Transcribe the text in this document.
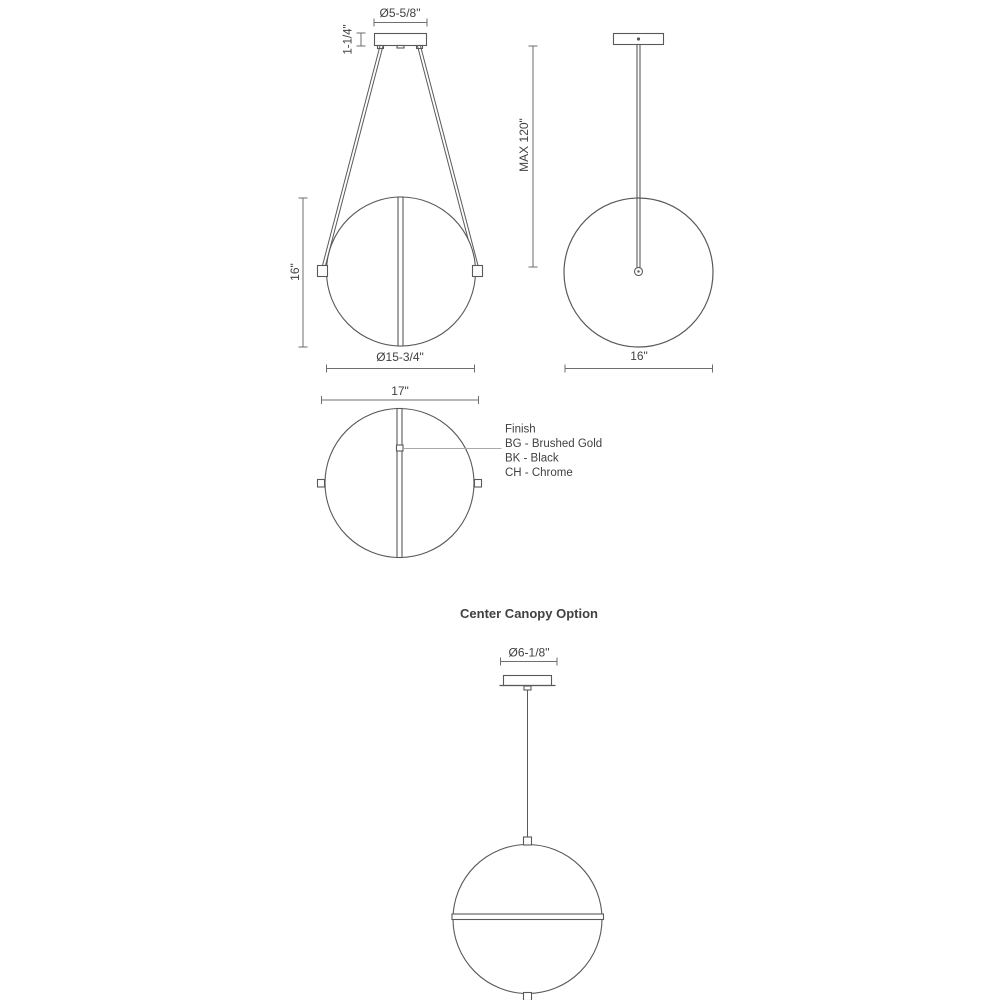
Ø5-5/8"
1-1/4"
16"
Ø15-3/4"
MAX 120"
16"
17"
Finish
BG - Brushed Gold
BK - Black
CH - Chrome
Center Canopy Option
Ø6-1/8"
